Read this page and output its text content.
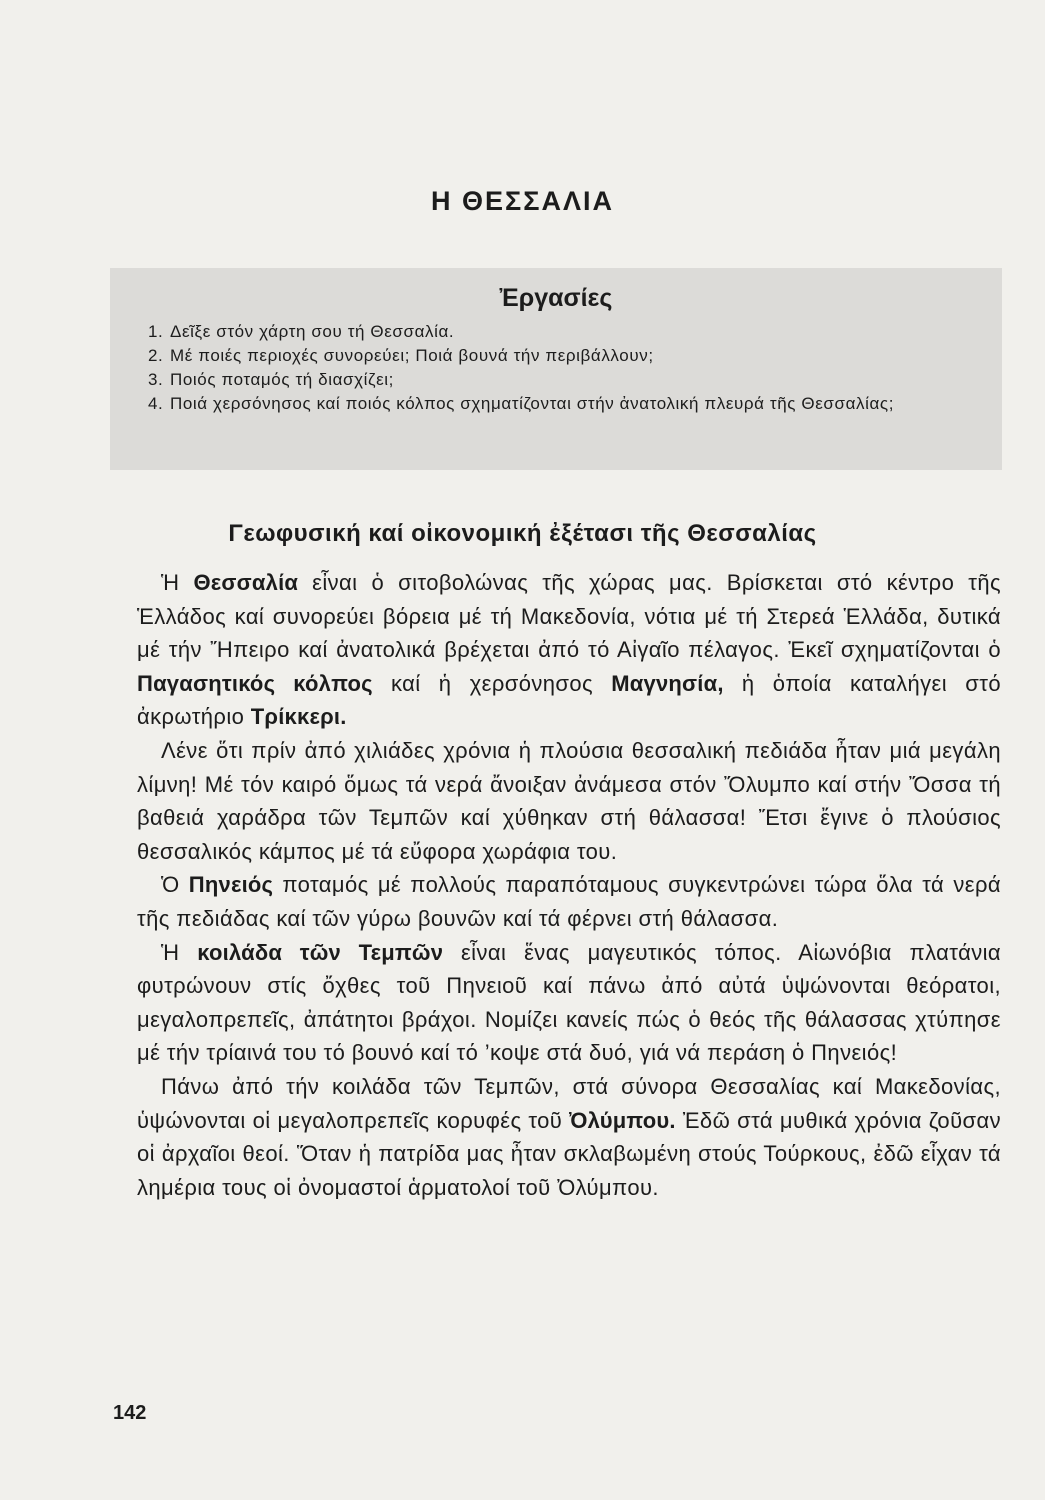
Η ΘΕΣΣΑΛΙΑ
Ἐργασίες
1. Δεῖξε στόν χάρτη σου τή Θεσσαλία.
2. Μέ ποιές περιοχές συνορεύει; Ποιά βουνά τήν περιβάλλουν;
3. Ποιός ποταμός τή διασχίζει;
4. Ποιά χερσόνησος καί ποιός κόλπος σχηματίζονται στήν ἀνατολική πλευρά τῆς Θεσσαλίας;
Γεωφυσική καί οἰκονομική ἐξέτασι τῆς Θεσσαλίας

Ἡ Θεσσαλία εἶναι ὁ σιτοβολώνας τῆς χώρας μας. Βρίσκεται στό κέντρο τῆς Ἑλλάδος καί συνορεύει βόρεια μέ τή Μακεδονία, νότια μέ τή Στερεά Ἑλλάδα, δυτικά μέ τήν Ἤπειρο καί ἀνατολικά βρέχεται ἀπό τό Αἰγαῖο πέλαγος. Ἐκεῖ σχηματίζονται ὁ Παγασητικός κόλπος καί ἡ χερσόνησος Μαγνησία, ἡ ὁποία καταλήγει στό ἀκρωτήριο Τρίκκερι.

Λένε ὅτι πρίν ἀπό χιλιάδες χρόνια ἡ πλούσια θεσσαλική πεδιάδα ἦταν μιά μεγάλη λίμνη! Μέ τόν καιρό ὅμως τά νερά ἄνοιξαν ἀνάμεσα στόν Ὄλυμπο καί στήν Ὄσσα τή βαθειά χαράδρα τῶν Τεμπῶν καί χύθηκαν στή θάλασσα! Ἔτσι ἔγινε ὁ πλούσιος θεσσαλικός κάμπος μέ τά εὔφορα χωράφια του.

Ὁ Πηνειός ποταμός μέ πολλούς παραπόταμους συγκεντρώνει τώρα ὅλα τά νερά τῆς πεδιάδας καί τῶν γύρω βουνῶν καί τά φέρνει στή θάλασσα.

Ἡ κοιλάδα τῶν Τεμπῶν εἶναι ἕνας μαγευτικός τόπος. Αἰωνόβια πλατάνια φυτρώνουν στίς ὄχθες τοῦ Πηνειοῦ καί πάνω ἀπό αὐτά ὑψώνονται θεόρατοι, μεγαλοπρεπεῖς, ἀπάτητοι βράχοι. Νομίζει κανείς πώς ὁ θεός τῆς θάλασσας χτύπησε μέ τήν τρίαινά του τό βουνό καί τό ’κοψε στά δυό, γιά νά περάση ὁ Πηνειός!

Πάνω ἀπό τήν κοιλάδα τῶν Τεμπῶν, στά σύνορα Θεσσαλίας καί Μακεδονίας, ὑψώνονται οἱ μεγαλοπρεπεῖς κορυφές τοῦ Ὀλύμπου. Ἐδῶ στά μυθικά χρόνια ζοῦσαν οἱ ἀρχαῖοι θεοί. Ὅταν ἡ πατρίδα μας ἦταν σκλαβωμένη στούς Τούρκους, ἐδῶ εἶχαν τά λημέρια τους οἱ ὀνομαστοί ἁρματολοί τοῦ Ὀλύμπου.

142
